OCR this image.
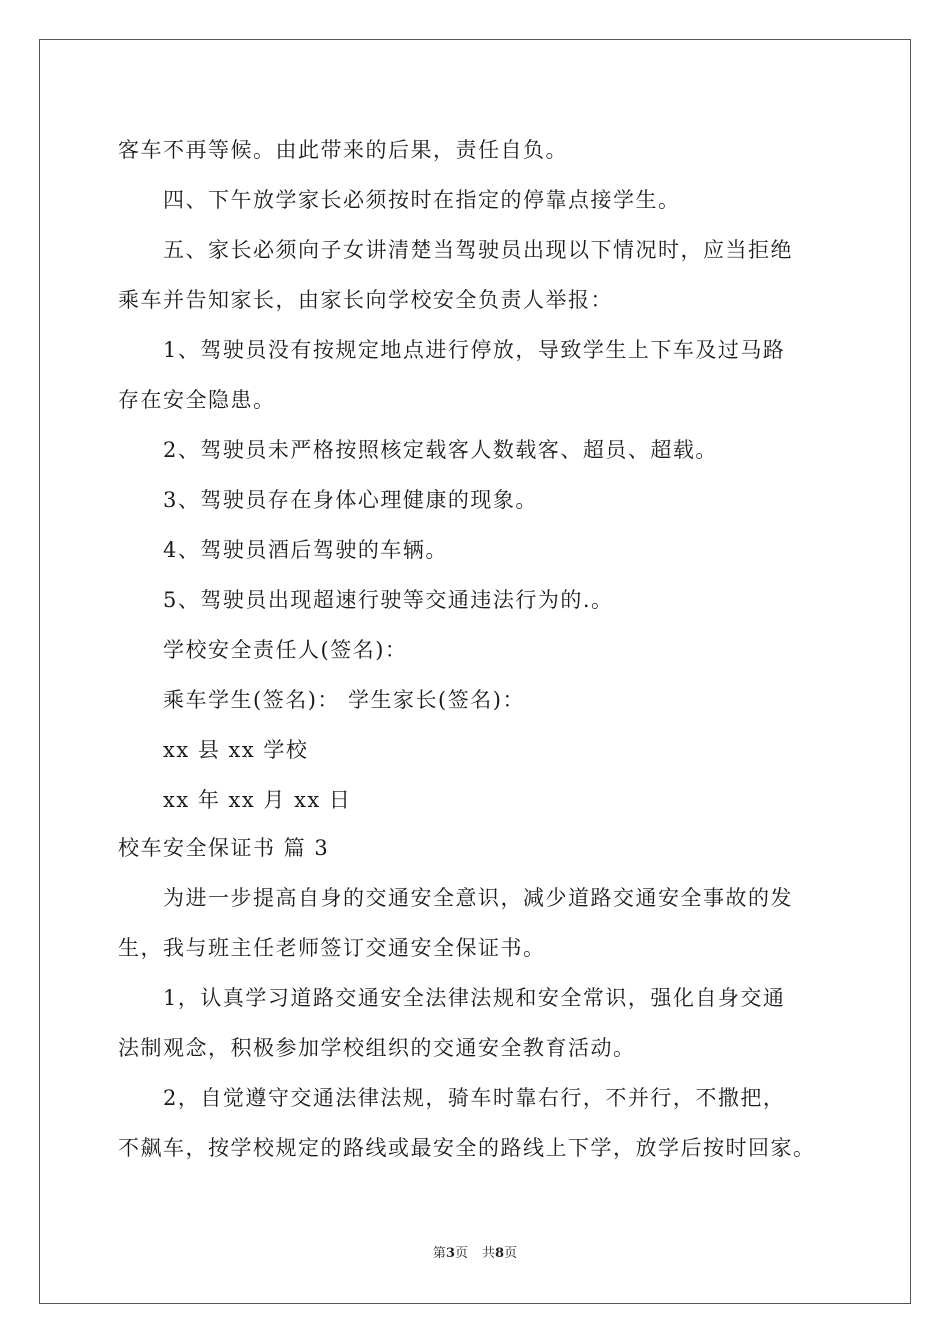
客车不再等候。由此带来的后果，责任自负。
四、下午放学家长必须按时在指定的停靠点接学生。
五、家长必须向子女讲清楚当驾驶员出现以下情况时，应当拒绝
乘车并告知家长，由家长向学校安全负责人举报：
1、驾驶员没有按规定地点进行停放，导致学生上下车及过马路
存在安全隐患。
2、驾驶员未严格按照核定载客人数载客、超员、超载。
3、驾驶员存在身体心理健康的现象。
4、驾驶员酒后驾驶的车辆。
5、驾驶员出现超速行驶等交通违法行为的.。
学校安全责任人(签名)：
乘车学生(签名)： 学生家长(签名)：
xx 县 xx 学校
xx 年 xx 月 xx 日
校车安全保证书 篇 3
为进一步提高自身的交通安全意识，减少道路交通安全事故的发
生，我与班主任老师签订交通安全保证书。
1，认真学习道路交通安全法律法规和安全常识，强化自身交通
法制观念，积极参加学校组织的交通安全教育活动。
2，自觉遵守交通法律法规，骑车时靠右行，不并行，不撒把，
不飙车，按学校规定的路线或最安全的路线上下学，放学后按时回家。
第3页 共8页
